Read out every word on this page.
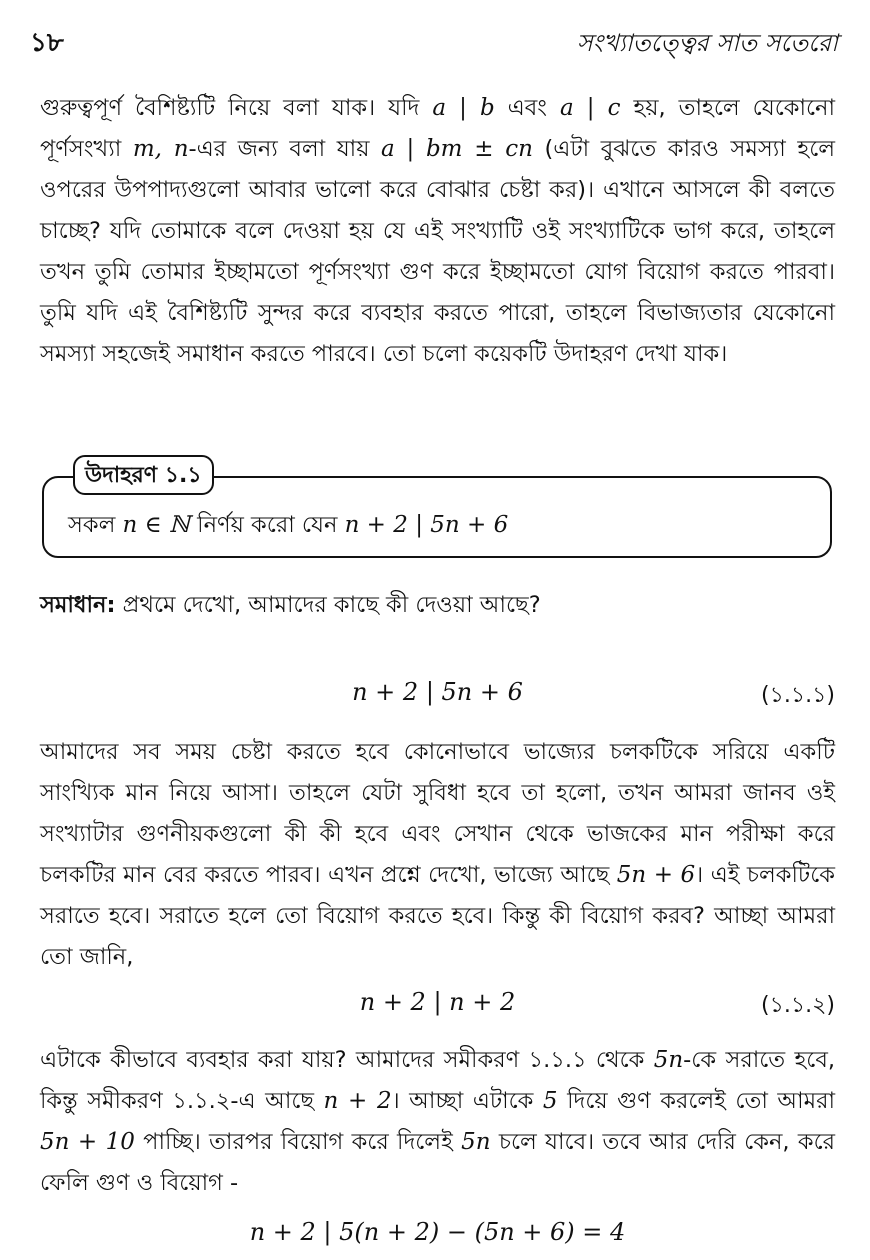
১৮	সংখ্যাতত্ত্বের সাত সতেরো

গুরুত্বপূর্ণ বৈশিষ্ট্যটি নিয়ে বলা যাক। যদি a | b এবং a | c হয়, তাহলে যেকোনো পূর্ণসংখ্যা m, n-এর জন্য বলা যায় a | bm ± cn (এটা বুঝতে কারও সমস্যা হলে ওপরের উপপাদ্যগুলো আবার ভালো করে বোঝার চেষ্টা কর)। এখানে আসলে কী বলতে চাচ্ছে? যদি তোমাকে বলে দেওয়া হয় যে এই সংখ্যাটি ওই সংখ্যাটিকে ভাগ করে, তাহলে তখন তুমি তোমার ইচ্ছামতো পূর্ণসংখ্যা গুণ করে ইচ্ছামতো যোগ বিয়োগ করতে পারবা। তুমি যদি এই বৈশিষ্ট্যটি সুন্দর করে ব্যবহার করতে পারো, তাহলে বিভাজ্যতার যেকোনো সমস্যা সহজেই সমাধান করতে পারবে। তো চলো কয়েকটি উদাহরণ দেখা যাক।

উদাহরণ ১.১
সকল n ∈ ℕ নির্ণয় করো যেন n + 2 | 5n + 6
সমাধান: প্রথমে দেখো, আমাদের কাছে কী দেওয়া আছে?
n + 2 | 5n + 6	(১.১.১)

আমাদের সব সময় চেষ্টা করতে হবে কোনোভাবে ভাজ্যের চলকটিকে সরিয়ে একটি সাংখ্যিক মান নিয়ে আসা। তাহলে যেটা সুবিধা হবে তা হলো, তখন আমরা জানব ওই সংখ্যাটার গুণনীয়কগুলো কী কী হবে এবং সেখান থেকে ভাজকের মান পরীক্ষা করে চলকটির মান বের করতে পারব। এখন প্রশ্নে দেখো, ভাজ্যে আছে 5n + 6। এই চলকটিকে সরাতে হবে। সরাতে হলে তো বিয়োগ করতে হবে। কিন্তু কী বিয়োগ করব? আচ্ছা আমরা তো জানি,

n + 2 | n + 2	(১.১.২)

এটাকে কীভাবে ব্যবহার করা যায়? আমাদের সমীকরণ ১.১.১ থেকে 5n-কে সরাতে হবে, কিন্তু সমীকরণ ১.১.২-এ আছে n + 2। আচ্ছা এটাকে 5 দিয়ে গুণ করলেই তো আমরা 5n + 10 পাচ্ছি। তারপর বিয়োগ করে দিলেই 5n চলে যাবে। তবে আর দেরি কেন, করে ফেলি গুণ ও বিয়োগ -

n + 2 | 5(n + 2) − (5n + 6) = 4
